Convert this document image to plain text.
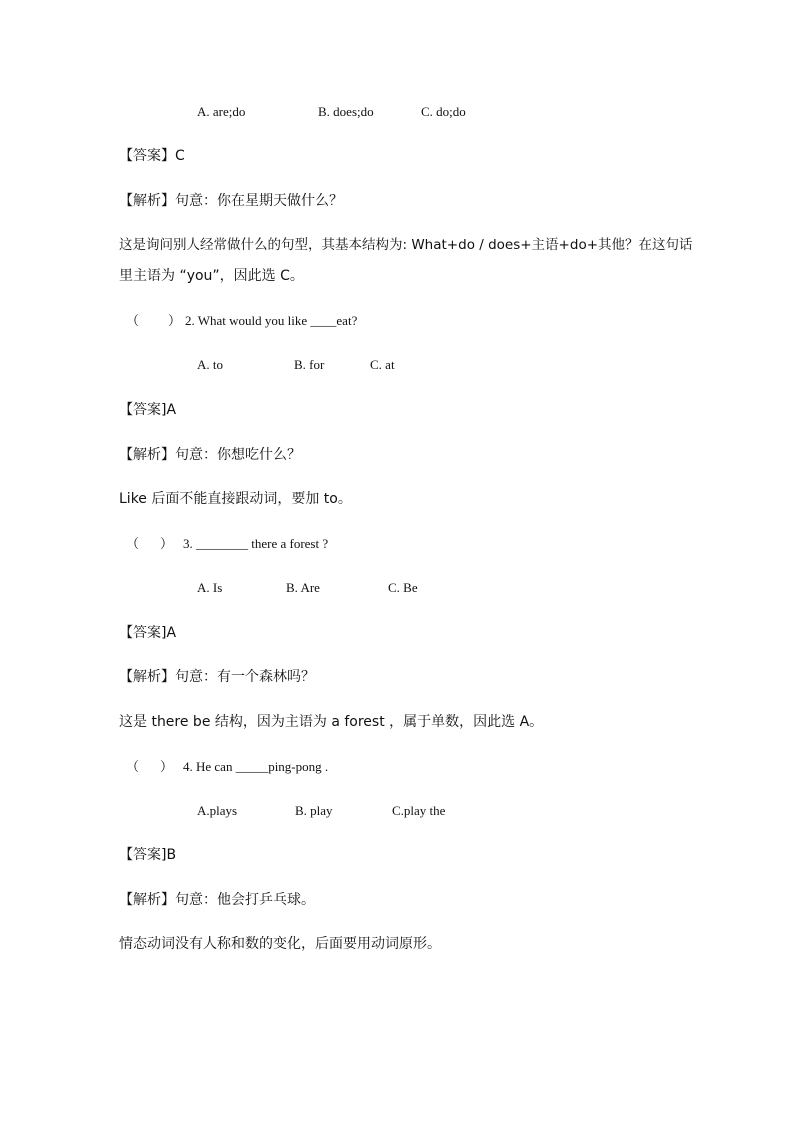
A. are;do	B. does;do	C. do;do
【答案】C
【解析】句意：你在星期天做什么？
这是询问别人经常做什么的句型，其基本结构为: What+do / does+主语+do+其他？在这句话
里主语为 “you”，因此选 C。
（ ） 2. What would you like ____eat?
A. to	B. for	C. at
【答案]A
【解析】句意：你想吃什么？
Like 后面不能直接跟动词，要加 to。
（ ） 3. ________ there a forest ?
A. Is	B. Are	C. Be
【答案]A
【解析】句意：有一个森林吗？
这是 there be 结构，因为主语为 a forest ，属于单数，因此选 A。
（ ） 4. He can _____ping-pong .
A.plays	B. play	C.play the
【答案]B
【解析】句意：他会打乒乓球。
情态动词没有人称和数的变化，后面要用动词原形。
